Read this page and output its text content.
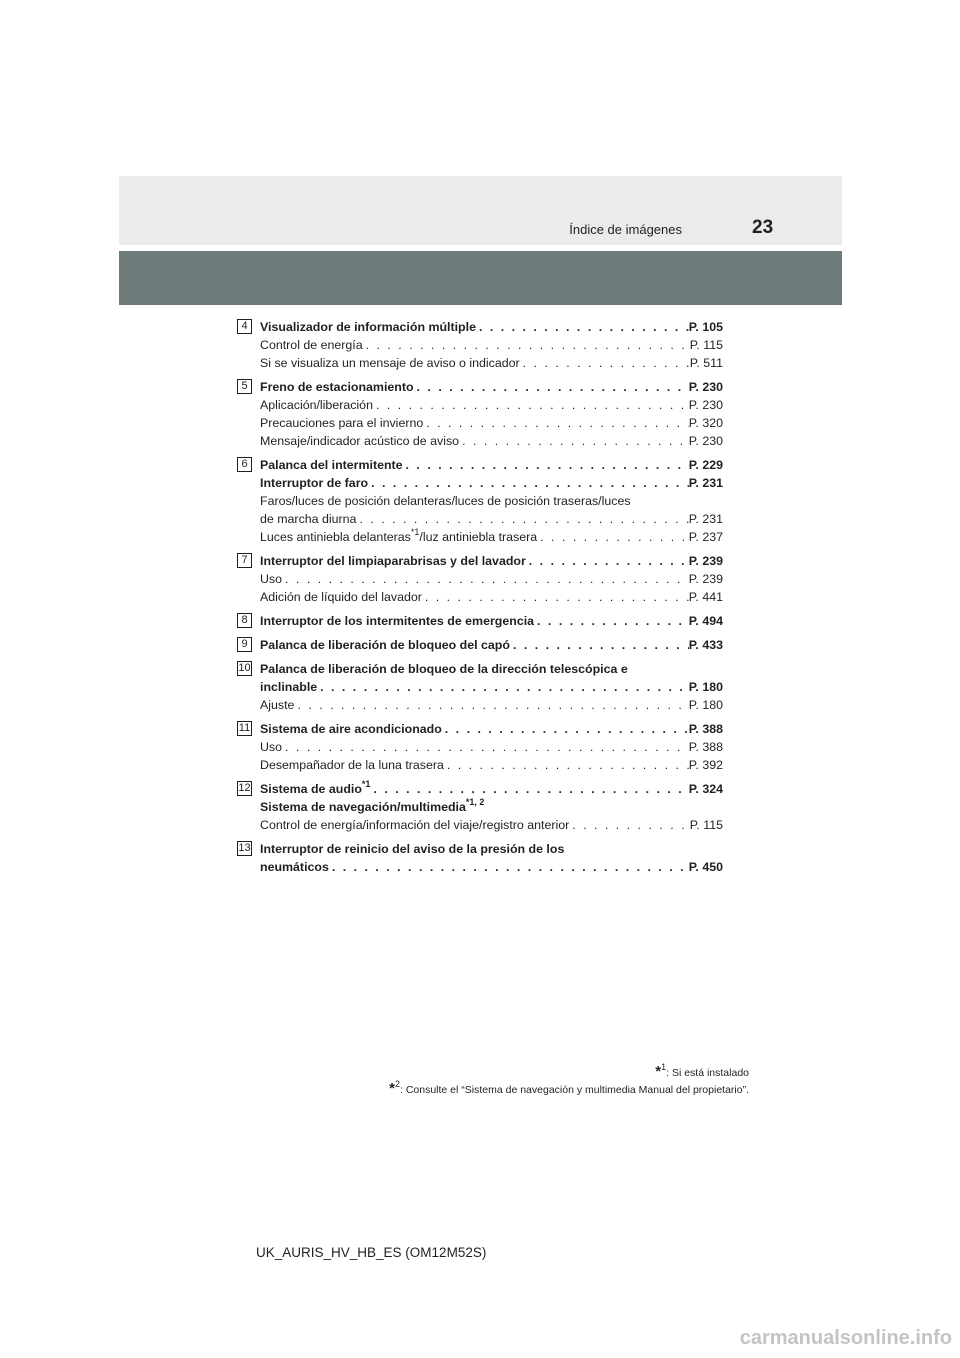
Índice de imágenes	23
4	Visualizador de información múltiple . . .	P. 105
Control de energía . . .	P. 115
Si se visualiza un mensaje de aviso o indicador . . .	P. 511
5	Freno de estacionamiento . . .	P. 230
Aplicación/liberación . . .	P. 230
Precauciones para el invierno . . .	P. 320
Mensaje/indicador acústico de aviso . . .	P. 230
6	Palanca del intermitente . . .	P. 229
Interruptor de faro . . .	P. 231
Faros/luces de posición delanteras/luces de posición traseras/luces
de marcha diurna . . .	P. 231
Luces antiniebla delanteras$^{*1}$/luz antiniebla trasera . . .	P. 237
7	Interruptor del limpiaparabrisas y del lavador . . .	P. 239
Uso . . .	P. 239
Adición de líquido del lavador . . .	P. 441
8	Interruptor de los intermitentes de emergencia . . .	P. 494
9	Palanca de liberación de bloqueo del capó . . .	P. 433
10 Palanca de liberación de bloqueo de la dirección telescópica e
inclinable . . .	P. 180
Ajuste . . .	P. 180
11 Sistema de aire acondicionado . . .	P. 388
Uso . . .	P. 388
Desempañador de la luna trasera . . .	P. 392
12 Sistema de audio$^{*1}$ . . .	P. 324
Sistema de navegación/multimedia$^{*1, 2}$
Control de energía/información del viaje/registro anterior . . .	P. 115
13 Interruptor de reinicio del aviso de la presión de los
neumáticos . . .	P. 450
*$^1$: Si está instalado
*$^2$: Consulte el “Sistema de navegación y multimedia Manual del propietario”.
UK_AURIS_HV_HB_ES (OM12M52S)
carmanualsonline.info
